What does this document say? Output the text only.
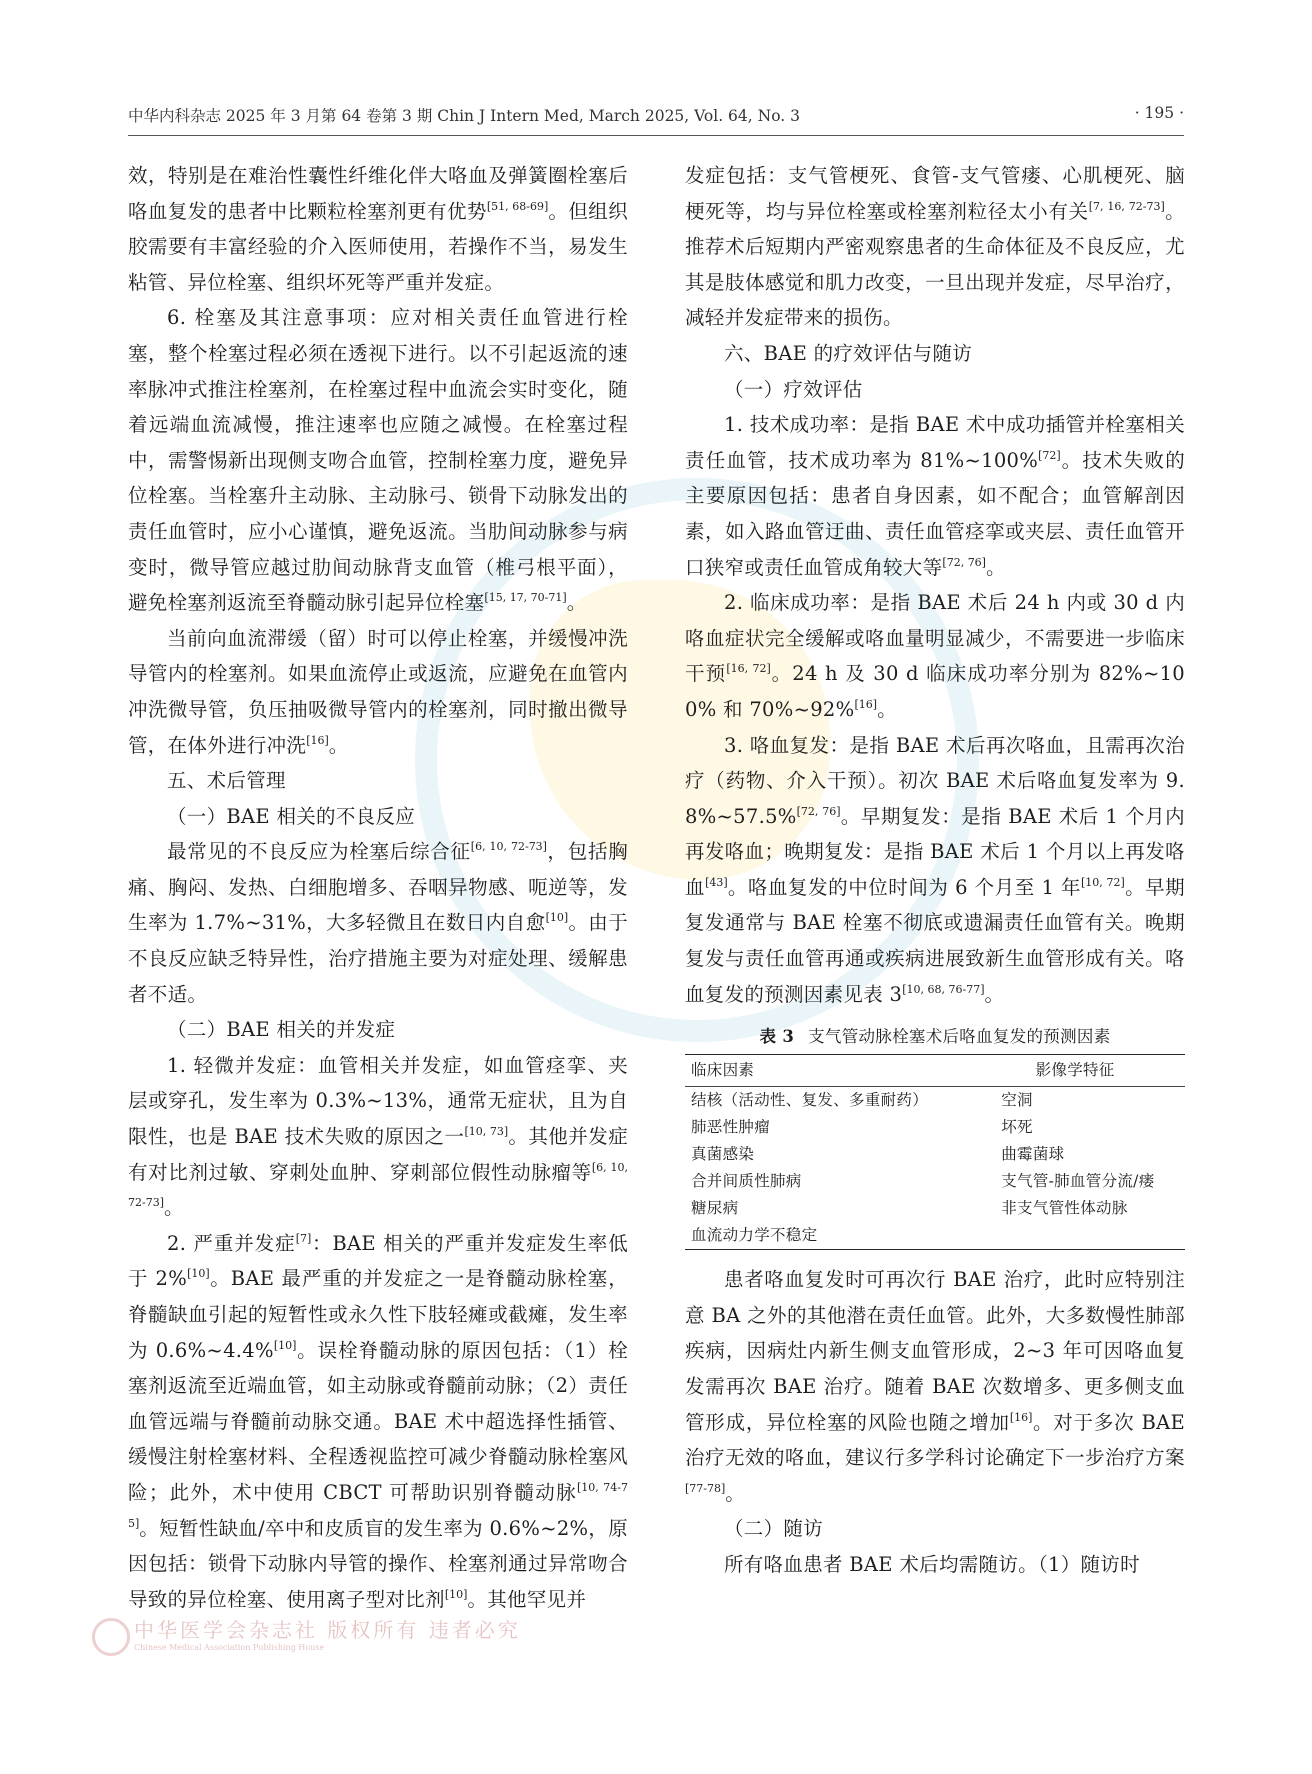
中华内科杂志 2025 年 3 月第 64 卷第 3 期 Chin J Intern Med, March 2025, Vol. 64, No. 3	· 195 ·

效，特别是在难治性囊性纤维化伴大咯血及弹簧圈栓塞后咯血复发的患者中比颗粒栓塞剂更有优势[51, 68-69]。但组织胶需要有丰富经验的介入医师使用，若操作不当，易发生粘管、异位栓塞、组织坏死等严重并发症。

6. 栓塞及其注意事项：应对相关责任血管进行栓塞，整个栓塞过程必须在透视下进行。以不引起返流的速率脉冲式推注栓塞剂，在栓塞过程中血流会实时变化，随着远端血流减慢，推注速率也应随之减慢。在栓塞过程中，需警惕新出现侧支吻合血管，控制栓塞力度，避免异位栓塞。当栓塞升主动脉、主动脉弓、锁骨下动脉发出的责任血管时，应小心谨慎，避免返流。当肋间动脉参与病变时，微导管应越过肋间动脉背支血管（椎弓根平面），避免栓塞剂返流至脊髓动脉引起异位栓塞[15, 17, 70-71]。

当前向血流滞缓（留）时可以停止栓塞，并缓慢冲洗导管内的栓塞剂。如果血流停止或返流，应避免在血管内冲洗微导管，负压抽吸微导管内的栓塞剂，同时撤出微导管，在体外进行冲洗[16]。

五、术后管理

（一）BAE 相关的不良反应

最常见的不良反应为栓塞后综合征[6, 10, 72-73]，包括胸痛、胸闷、发热、白细胞增多、吞咽异物感、呃逆等，发生率为 1.7%~31%，大多轻微且在数日内自愈[10]。由于不良反应缺乏特异性，治疗措施主要为对症处理、缓解患者不适。

（二）BAE 相关的并发症

1. 轻微并发症：血管相关并发症，如血管痉挛、夹层或穿孔，发生率为 0.3%~13%，通常无症状，且为自限性，也是 BAE 技术失败的原因之一[10, 73]。其他并发症有对比剂过敏、穿刺处血肿、穿刺部位假性动脉瘤等[6, 10, 72-73]。

2. 严重并发症[7]：BAE 相关的严重并发症发生率低于 2%[10]。BAE 最严重的并发症之一是脊髓动脉栓塞，脊髓缺血引起的短暂性或永久性下肢轻瘫或截瘫，发生率为 0.6%~4.4%[10]。误栓脊髓动脉的原因包括：（1）栓塞剂返流至近端血管，如主动脉或脊髓前动脉；（2）责任血管远端与脊髓前动脉交通。BAE 术中超选择性插管、缓慢注射栓塞材料、全程透视监控可减少脊髓动脉栓塞风险；此外，术中使用 CBCT 可帮助识别脊髓动脉[10, 74-75]。短暂性缺血/卒中和皮质盲的发生率为 0.6%~2%，原因包括：锁骨下动脉内导管的操作、栓塞剂通过异常吻合导致的异位栓塞、使用离子型对比剂[10]。其他罕见并

发症包括：支气管梗死、食管-支气管瘘、心肌梗死、脑梗死等，均与异位栓塞或栓塞剂粒径太小有关[7, 16, 72-73]。推荐术后短期内严密观察患者的生命体征及不良反应，尤其是肢体感觉和肌力改变，一旦出现并发症，尽早治疗，减轻并发症带来的损伤。

六、BAE 的疗效评估与随访

（一）疗效评估

1. 技术成功率：是指 BAE 术中成功插管并栓塞相关责任血管，技术成功率为 81%~100%[72]。技术失败的主要原因包括：患者自身因素，如不配合；血管解剖因素，如入路血管迂曲、责任血管痉挛或夹层、责任血管开口狭窄或责任血管成角较大等[72, 76]。

2. 临床成功率：是指 BAE 术后 24 h 内或 30 d 内咯血症状完全缓解或咯血量明显减少，不需要进一步临床干预[16, 72]。24 h 及 30 d 临床成功率分别为 82%~100% 和 70%~92%[16]。

3. 咯血复发：是指 BAE 术后再次咯血，且需再次治疗（药物、介入干预）。初次 BAE 术后咯血复发率为 9.8%~57.5%[72, 76]。早期复发：是指 BAE 术后 1 个月内再发咯血；晚期复发：是指 BAE 术后 1 个月以上再发咯血[43]。咯血复发的中位时间为 6 个月至 1 年[10, 72]。早期复发通常与 BAE 栓塞不彻底或遗漏责任血管有关。晚期复发与责任血管再通或疾病进展致新生血管形成有关。咯血复发的预测因素见表 3[10, 68, 76-77]。

表 3 支气管动脉栓塞术后咯血复发的预测因素
临床因素	影像学特征
结核（活动性、复发、多重耐药）	空洞
肺恶性肿瘤	坏死
真菌感染	曲霉菌球
合并间质性肺病	支气管-肺血管分流/瘘
糖尿病	非支气管性体动脉
血流动力学不稳定	

患者咯血复发时可再次行 BAE 治疗，此时应特别注意 BA 之外的其他潜在责任血管。此外，大多数慢性肺部疾病，因病灶内新生侧支血管形成，2~3 年可因咯血复发需再次 BAE 治疗。随着 BAE 次数增多、更多侧支血管形成，异位栓塞的风险也随之增加[16]。对于多次 BAE 治疗无效的咯血，建议行多学科讨论确定下一步治疗方案[77-78]。

（二）随访

所有咯血患者 BAE 术后均需随访。（1）随访时

中华医学会杂志社 版权所有 违者必究
Chinese Medical Association Publishing House
